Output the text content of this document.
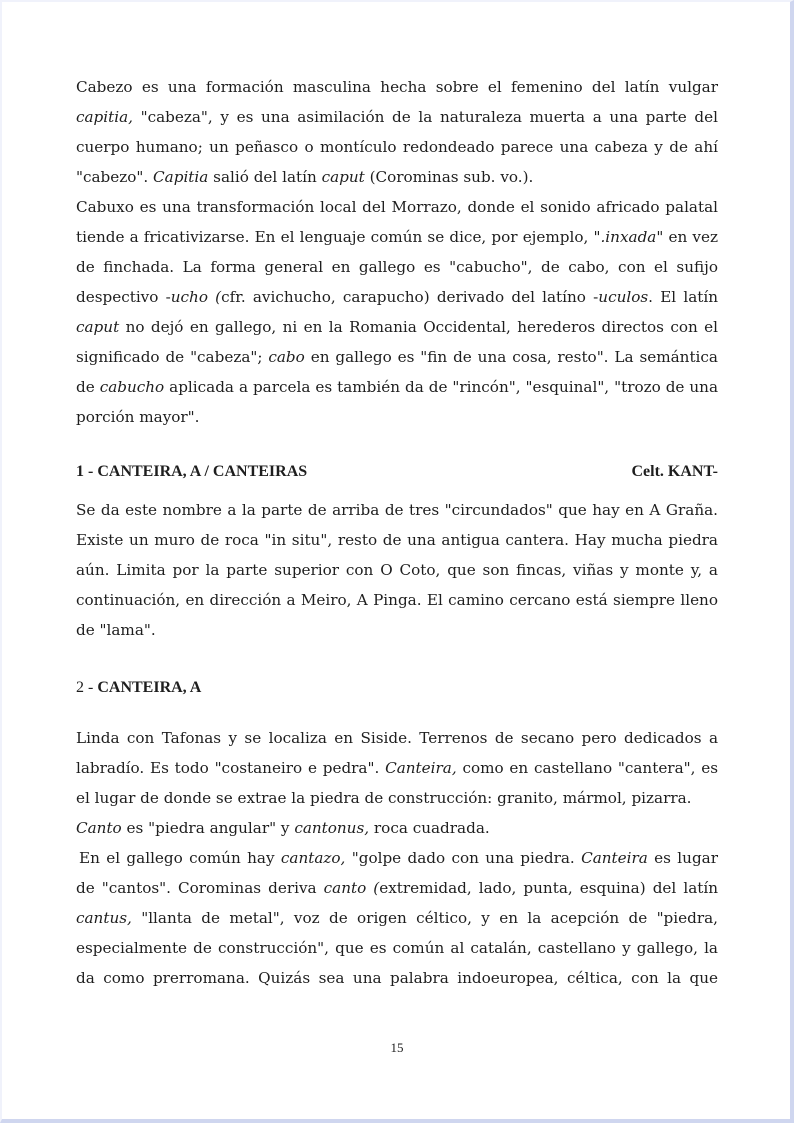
Cabezo es una formación masculina hecha sobre el femenino del latín vulgar capitia, "cabeza", y es una asimilación de la naturaleza muerta a una parte del cuerpo humano; un peñasco o montículo redondeado parece una cabeza y de ahí "cabezo". Capitia salió del latín caput (Corominas sub. vo.).

Cabuxo es una transformación local del Morrazo, donde el sonido africado palatal tiende a fricativizarse. En el lenguaje común se dice, por ejemplo, ".inxada" en vez de finchada. La forma general en gallego es "cabucho", de cabo, con el sufijo despectivo -ucho (cfr. avichucho, carapucho) derivado del latíno -uculos. El latín caput no dejó en gallego, ni en la Romania Occidental, herederos directos con el significado de "cabeza"; cabo en gallego es "fin de una cosa, resto". La semántica de cabucho aplicada a parcela es también da de "rincón", "esquinal", "trozo de una porción mayor".

1 - CANTEIRA, A / CANTEIRAS	Celt. KANT-

Se da este nombre a la parte de arriba de tres "circundados" que hay en A Graña. Existe un muro de roca "in situ", resto de una antigua cantera. Hay mucha piedra aún. Limita por la parte superior con O Coto, que son fincas, viñas y monte y, a continuación, en dirección a Meiro, A Pinga. El camino cercano está siempre lleno de "lama".

2 - CANTEIRA, A

Linda con Tafonas y se localiza en Siside. Terrenos de secano pero dedicados a labradío. Es todo "costaneiro e pedra". Canteira, como en castellano "cantera", es el lugar de donde se extrae la piedra de construcción: granito, mármol, pizarra.

Canto es "piedra angular" y cantonus, roca cuadrada.

En el gallego común hay cantazo, "golpe dado con una piedra. Canteira es lugar de "cantos". Corominas deriva canto (extremidad, lado, punta, esquina) del latín cantus, "llanta de metal", voz de origen céltico, y en la acepción de "piedra, especialmente de construcción", que es común al catalán, castellano y gallego, la da como prerromana. Quizás sea una palabra indoeuropea, céltica, con la que

15
